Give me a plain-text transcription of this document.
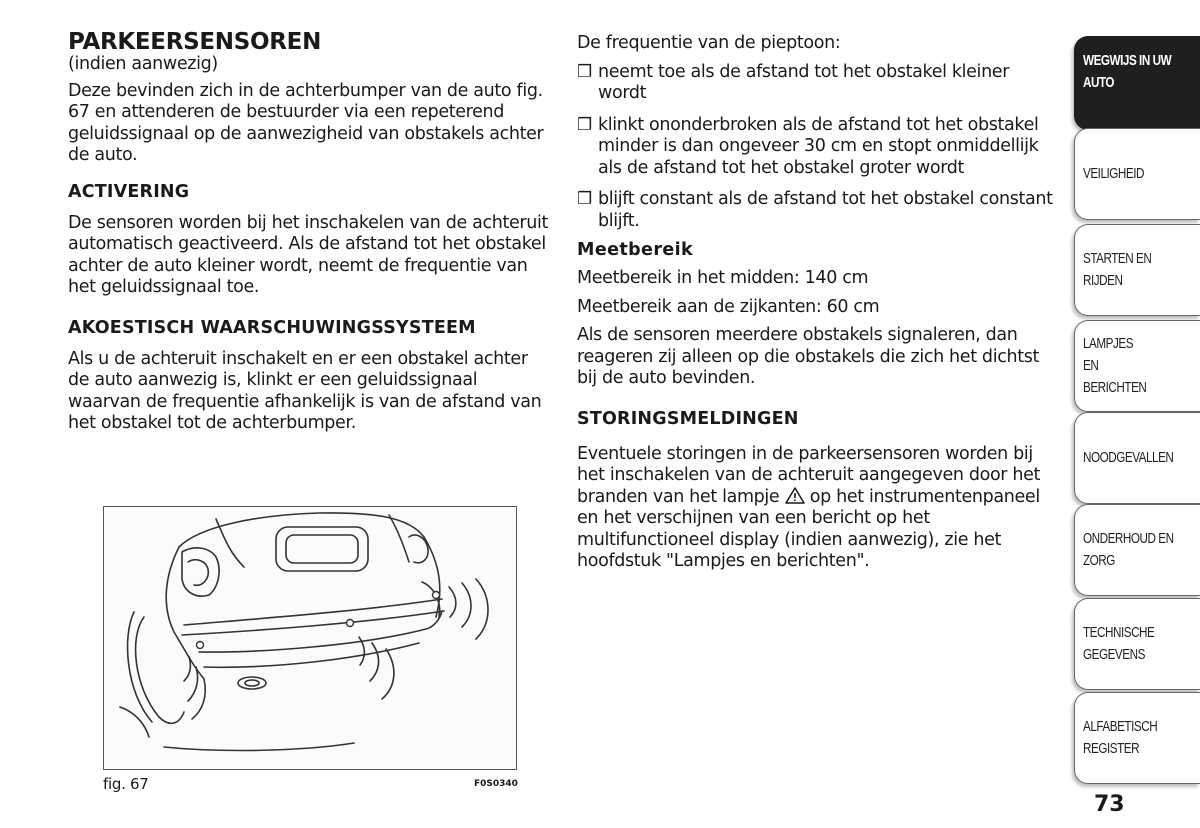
PARKEERSENSOREN
(indien aanwezig)

Deze bevinden zich in de achterbumper van de auto fig. 67 en attenderen de bestuurder via een repeterend geluidssignaal op de aanwezigheid van obstakels achter de auto.

ACTIVERING

De sensoren worden bij het inschakelen van de achteruit automatisch geactiveerd. Als de afstand tot het obstakel achter de auto kleiner wordt, neemt de frequentie van het geluidssignaal toe.

AKOESTISCH WAARSCHUWINGSSYSTEEM

Als u de achteruit inschakelt en er een obstakel achter de auto aanwezig is, klinkt er een geluidssignaal waarvan de frequentie afhankelijk is van de afstand van het obstakel tot de achterbumper.

fig. 67	F0S0340

De frequentie van de pieptoon:

❒ neemt toe als de afstand tot het obstakel kleiner wordt
❒ klinkt ononderbroken als de afstand tot het obstakel minder is dan ongeveer 30 cm en stopt onmiddellijk als de afstand tot het obstakel groter wordt
❒ blijft constant als de afstand tot het obstakel constant blijft.
Meetbereik

Meetbereik in het midden: 140 cm

Meetbereik aan de zijkanten: 60 cm

Als de sensoren meerdere obstakels signaleren, dan reageren zij alleen op die obstakels die zich het dichtst bij de auto bevinden.

STORINGSMELDINGEN

Eventuele storingen in de parkeersensoren worden bij het inschakelen van de achteruit aangegeven door het branden van het lampje op het instrumentenpaneel en het verschijnen van een bericht op het multifunctioneel display (indien aanwezig), zie het hoofdstuk "Lampjes en berichten".

WEGWIJS IN UW AUTO
VEILIGHEID
STARTEN EN RIJDEN
LAMPJES EN BERICHTEN
NOODGEVALLEN
ONDERHOUD EN ZORG
TECHNISCHE GEGEVENS
ALFABETISCH REGISTER
73
